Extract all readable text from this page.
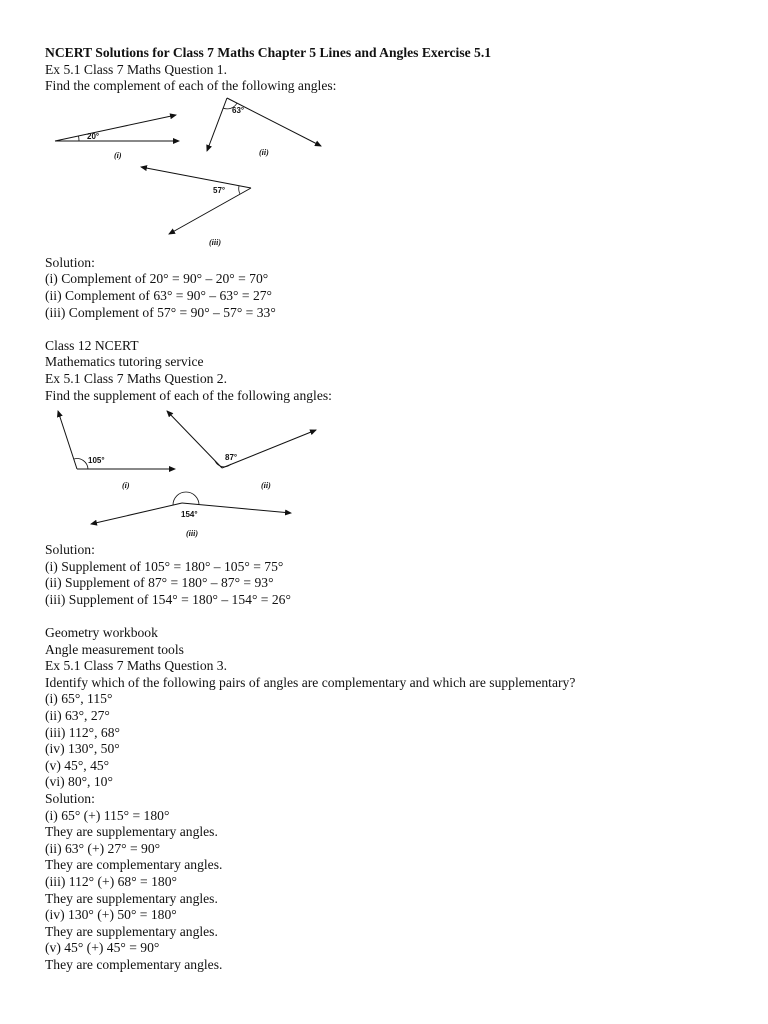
NCERT Solutions for Class 7 Maths Chapter 5 Lines and Angles Exercise 5.1
Ex 5.1 Class 7 Maths Question 1.
Find the complement of each of the following angles:
20°
(i)
63°
(ii)
57°
(iii)
Solution:
(i) Complement of 20° = 90° – 20° = 70°
(ii) Complement of 63° = 90° – 63° = 27°
(iii) Complement of 57° = 90° – 57° = 33°
Class 12 NCERT
Mathematics tutoring service
Ex 5.1 Class 7 Maths Question 2.
Find the supplement of each of the following angles:
105°
(i)
87°
(ii)
154°
(iii)
Solution:
(i) Supplement of 105° = 180° – 105° = 75°
(ii) Supplement of 87° = 180° – 87° = 93°
(iii) Supplement of 154° = 180° – 154° = 26°
Geometry workbook
Angle measurement tools
Ex 5.1 Class 7 Maths Question 3.
Identify which of the following pairs of angles are complementary and which are supplementary?
(i) 65°, 115°
(ii) 63°, 27°
(iii) 112°, 68°
(iv) 130°, 50°
(v) 45°, 45°
(vi) 80°, 10°
Solution:
(i) 65° (+) 115° = 180°
They are supplementary angles.
(ii) 63° (+) 27° = 90°
They are complementary angles.
(iii) 112° (+) 68° = 180°
They are supplementary angles.
(iv) 130° (+) 50° = 180°
They are supplementary angles.
(v) 45° (+) 45° = 90°
They are complementary angles.
